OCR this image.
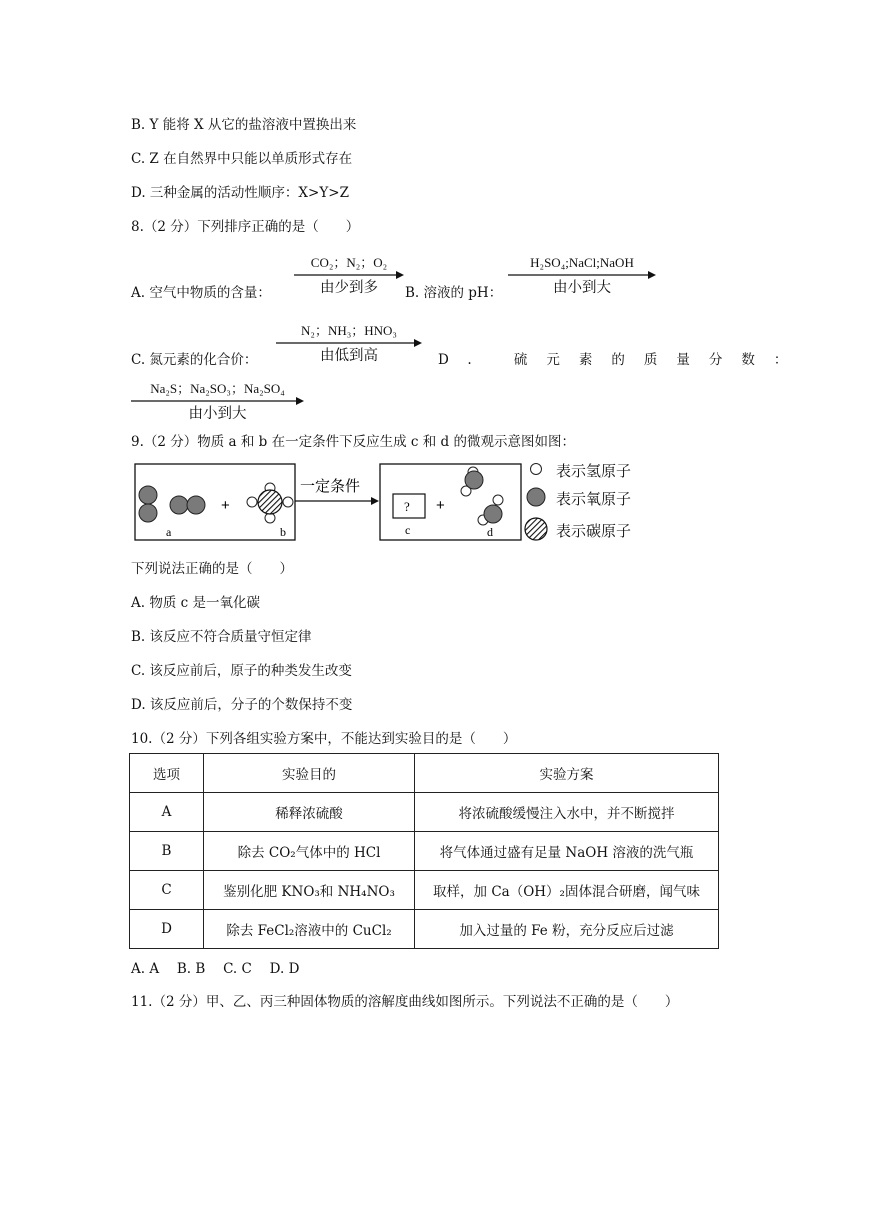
B. Y 能将 X 从它的盐溶液中置换出来
C. Z 在自然界中只能以单质形式存在
D. 三种金属的活动性顺序：X>Y>Z
8.（2 分）下列排序正确的是（　　）
A. 空气中物质的含量：
CO₂；N₂；O₂
由少到多	B. 溶液的 pH：
H₂SO₄;NaCl;NaOH
由小到大
C. 氮元素的化合价：
N₂；NH₃；HNO₃
由低到高	D. 硫元素的质量分数：
Na₂S；Na₂SO₃；Na₂SO₄
由小到大
9.（2 分）物质 a 和 b 在一定条件下反应生成 c 和 d 的微观示意图如图：
a
+
b
一定条件
?
c
+
d
表示氢原子
表示氧原子
表示碳原子
下列说法正确的是（　　）
A. 物质 c 是一氧化碳
B. 该反应不符合质量守恒定律
C. 该反应前后，原子的种类发生改变
D. 该反应前后，分子的个数保持不变
10.（2 分）下列各组实验方案中，不能达到实验目的是（　　）
选项	实验目的	实验方案
A	稀释浓硫酸	将浓硫酸缓慢注入水中，并不断搅拌
B	除去 CO₂气体中的 HCl	将气体通过盛有足量 NaOH 溶液的洗气瓶
C	鉴别化肥 KNO₃和 NH₄NO₃	取样，加 Ca（OH）₂固体混合研磨，闻气味
D	除去 FeCl₂溶液中的 CuCl₂	加入过量的 Fe 粉，充分反应后过滤
A. A　 B. B　 C. C　 D. D
11.（2 分）甲、乙、丙三种固体物质的溶解度曲线如图所示。下列说法不正确的是（　　）
